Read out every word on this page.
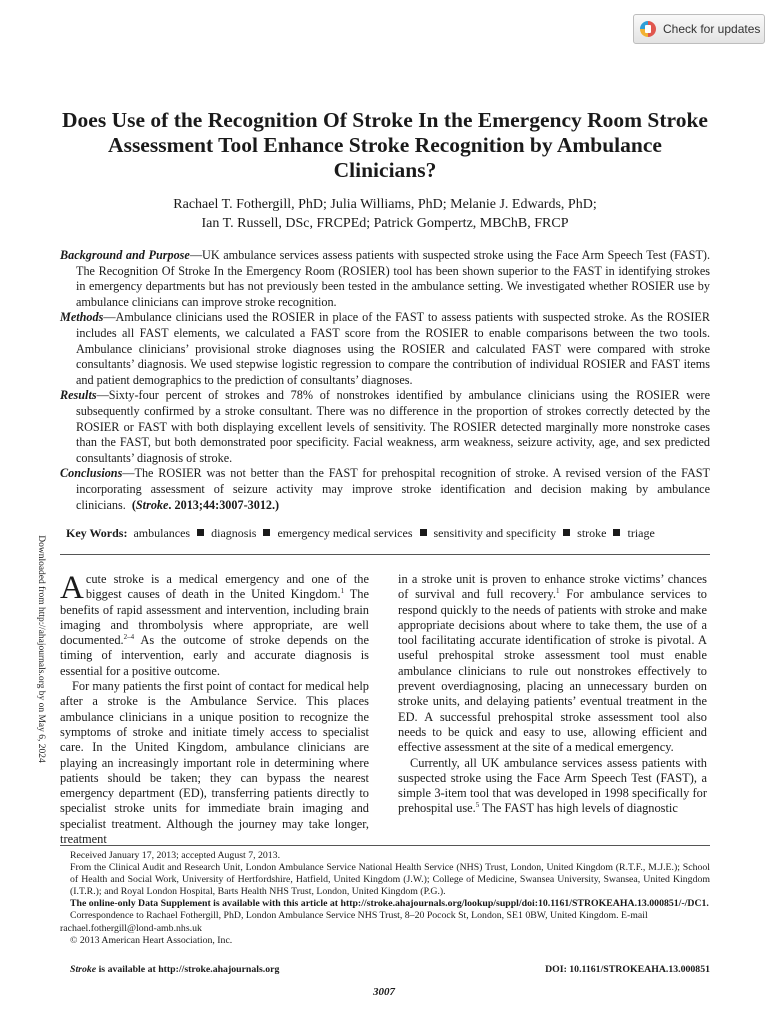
Check for updates
Downloaded from http://ahajournals.org by on May 6, 2024
Does Use of the Recognition Of Stroke In the Emergency Room Stroke Assessment Tool Enhance Stroke Recognition by Ambulance Clinicians?

Rachael T. Fothergill, PhD; Julia Williams, PhD; Melanie J. Edwards, PhD;

Ian T. Russell, DSc, FRCPEd; Patrick Gompertz, MBChB, FRCP

Background and Purpose—UK ambulance services assess patients with suspected stroke using the Face Arm Speech Test (FAST). The Recognition Of Stroke In the Emergency Room (ROSIER) tool has been shown superior to the FAST in identifying strokes in emergency departments but has not previously been tested in the ambulance setting. We investigated whether ROSIER use by ambulance clinicians can improve stroke recognition.

Methods—Ambulance clinicians used the ROSIER in place of the FAST to assess patients with suspected stroke. As the ROSIER includes all FAST elements, we calculated a FAST score from the ROSIER to enable comparisons between the two tools. Ambulance clinicians’ provisional stroke diagnoses using the ROSIER and calculated FAST were compared with stroke consultants’ diagnosis. We used stepwise logistic regression to compare the contribution of individual ROSIER and FAST items and patient demographics to the prediction of consultants’ diagnoses.

Results—Sixty-four percent of strokes and 78% of nonstrokes identified by ambulance clinicians using the ROSIER were subsequently confirmed by a stroke consultant. There was no difference in the proportion of strokes correctly detected by the ROSIER or FAST with both displaying excellent levels of sensitivity. The ROSIER detected marginally more nonstroke cases than the FAST, but both demonstrated poor specificity. Facial weakness, arm weakness, seizure activity, age, and sex predicted consultants’ diagnosis of stroke.

Conclusions—The ROSIER was not better than the FAST for prehospital recognition of stroke. A revised version of the FAST incorporating assessment of seizure activity may improve stroke identification and decision making by ambulance clinicians. (Stroke. 2013;44:3007-3012.)

Key Words: ambulances diagnosis emergency medical services sensitivity and specificity stroke triage

Acute stroke is a medical emergency and one of the biggest causes of death in the United Kingdom.$^1$ The benefits of rapid assessment and intervention, including brain imaging and thrombolysis where appropriate, are well documented.$^{2-4}$ As the outcome of stroke depends on the timing of intervention, early and accurate diagnosis is essential for a positive outcome.

For many patients the first point of contact for medical help after a stroke is the Ambulance Service. This places ambulance clinicians in a unique position to recognize the symptoms of stroke and initiate timely access to specialist care. In the United Kingdom, ambulance clinicians are playing an increasingly important role in determining where patients should be taken; they can bypass the nearest emergency department (ED), transferring patients directly to specialist stroke units for immediate brain imaging and specialist treatment. Although the journey may take longer, treatment

in a stroke unit is proven to enhance stroke victims’ chances of survival and full recovery.$^1$ For ambulance services to respond quickly to the needs of patients with stroke and make appropriate decisions about where to take them, the use of a tool facilitating accurate identification of stroke is pivotal. A useful prehospital stroke assessment tool must enable ambulance clinicians to rule out nonstrokes effectively to prevent overdiagnosing, placing an unnecessary burden on stroke units, and delaying patients’ eventual treatment in the ED. A successful prehospital stroke assessment tool also needs to be quick and easy to use, allowing efficient and effective assessment at the site of a medical emergency.

Currently, all UK ambulance services assess patients with suspected stroke using the Face Arm Speech Test (FAST), a simple 3-item tool that was developed in 1998 specifically for prehospital use.$^5$ The FAST has high levels of diagnostic

Received January 17, 2013; accepted August 7, 2013.

From the Clinical Audit and Research Unit, London Ambulance Service National Health Service (NHS) Trust, London, United Kingdom (R.T.F., M.J.E.); School of Health and Social Work, University of Hertfordshire, Hatfield, United Kingdom (J.W.); College of Medicine, Swansea University, Swansea, United Kingdom (I.T.R.); and Royal London Hospital, Barts Health NHS Trust, London, United Kingdom (P.G.).

The online-only Data Supplement is available with this article at http://stroke.ahajournals.org/lookup/suppl/doi:10.1161/STROKEAHA.13.000851/-/DC1.

Correspondence to Rachael Fothergill, PhD, London Ambulance Service NHS Trust, 8–20 Pocock St, London, SE1 0BW, United Kingdom. E-mail

rachael.fothergill@lond-amb.nhs.uk

© 2013 American Heart Association, Inc.

Stroke is available at http://stroke.ahajournals.org	DOI: 10.1161/STROKEAHA.13.000851
3007
